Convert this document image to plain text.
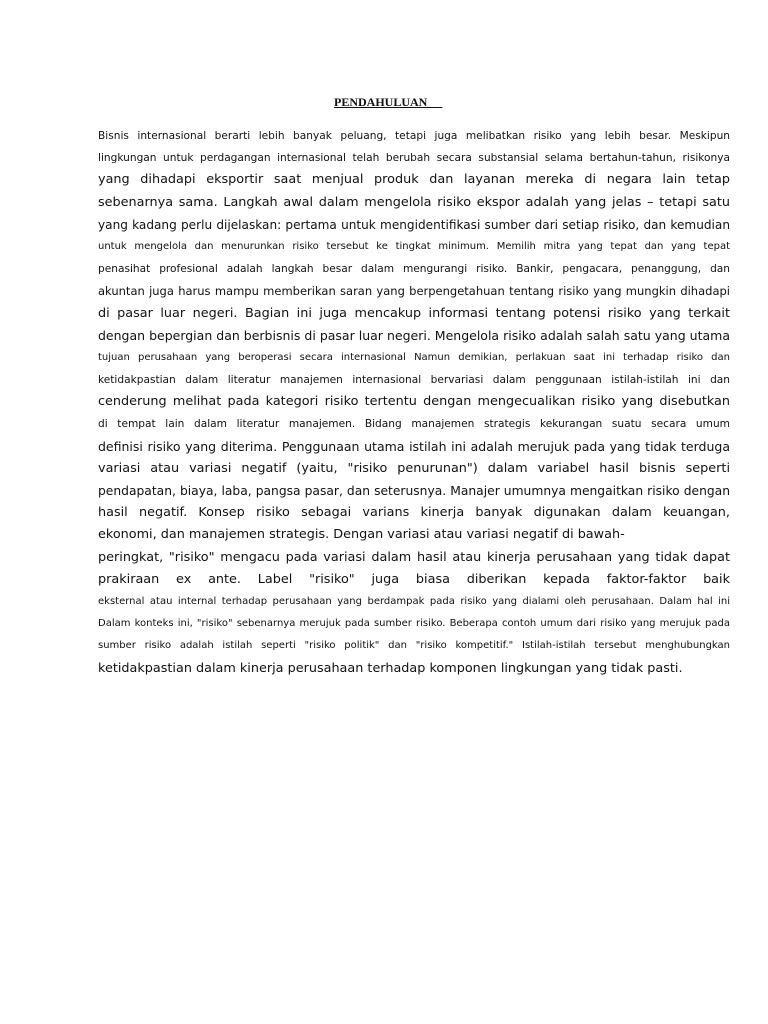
PENDAHULUAN
Bisnis internasional berarti lebih banyak peluang, tetapi juga melibatkan risiko yang lebih besar. Meskipun
lingkungan untuk perdagangan internasional telah berubah secara substansial selama bertahun-tahun, risikonya
yang dihadapi eksportir saat menjual produk dan layanan mereka di negara lain tetap
sebenarnya sama. Langkah awal dalam mengelola risiko ekspor adalah yang jelas – tetapi satu
yang kadang perlu dijelaskan: pertama untuk mengidentifikasi sumber dari setiap risiko, dan kemudian
untuk mengelola dan menurunkan risiko tersebut ke tingkat minimum. Memilih mitra yang tepat dan yang tepat
penasihat profesional adalah langkah besar dalam mengurangi risiko. Bankir, pengacara, penanggung, dan
akuntan juga harus mampu memberikan saran yang berpengetahuan tentang risiko yang mungkin dihadapi
di pasar luar negeri. Bagian ini juga mencakup informasi tentang potensi risiko yang terkait
dengan bepergian dan berbisnis di pasar luar negeri. Mengelola risiko adalah salah satu yang utama
tujuan perusahaan yang beroperasi secara internasional Namun demikian, perlakuan saat ini terhadap risiko dan
ketidakpastian dalam literatur manajemen internasional bervariasi dalam penggunaan istilah-istilah ini dan
cenderung melihat pada kategori risiko tertentu dengan mengecualikan risiko yang disebutkan
di tempat lain dalam literatur manajemen. Bidang manajemen strategis kekurangan suatu secara umum
definisi risiko yang diterima. Penggunaan utama istilah ini adalah merujuk pada yang tidak terduga
variasi atau variasi negatif (yaitu, "risiko penurunan") dalam variabel hasil bisnis seperti
pendapatan, biaya, laba, pangsa pasar, dan seterusnya. Manajer umumnya mengaitkan risiko dengan
hasil negatif. Konsep risiko sebagai varians kinerja banyak digunakan dalam keuangan,
ekonomi, dan manajemen strategis. Dengan variasi atau variasi negatif di bawah-
peringkat, "risiko" mengacu pada variasi dalam hasil atau kinerja perusahaan yang tidak dapat
prakiraan ex ante. Label "risiko" juga biasa diberikan kepada faktor-faktor baik
eksternal atau internal terhadap perusahaan yang berdampak pada risiko yang dialami oleh perusahaan. Dalam hal ini
Dalam konteks ini, "risiko" sebenarnya merujuk pada sumber risiko. Beberapa contoh umum dari risiko yang merujuk pada
sumber risiko adalah istilah seperti "risiko politik" dan "risiko kompetitif." Istilah-istilah tersebut menghubungkan
ketidakpastian dalam kinerja perusahaan terhadap komponen lingkungan yang tidak pasti.
